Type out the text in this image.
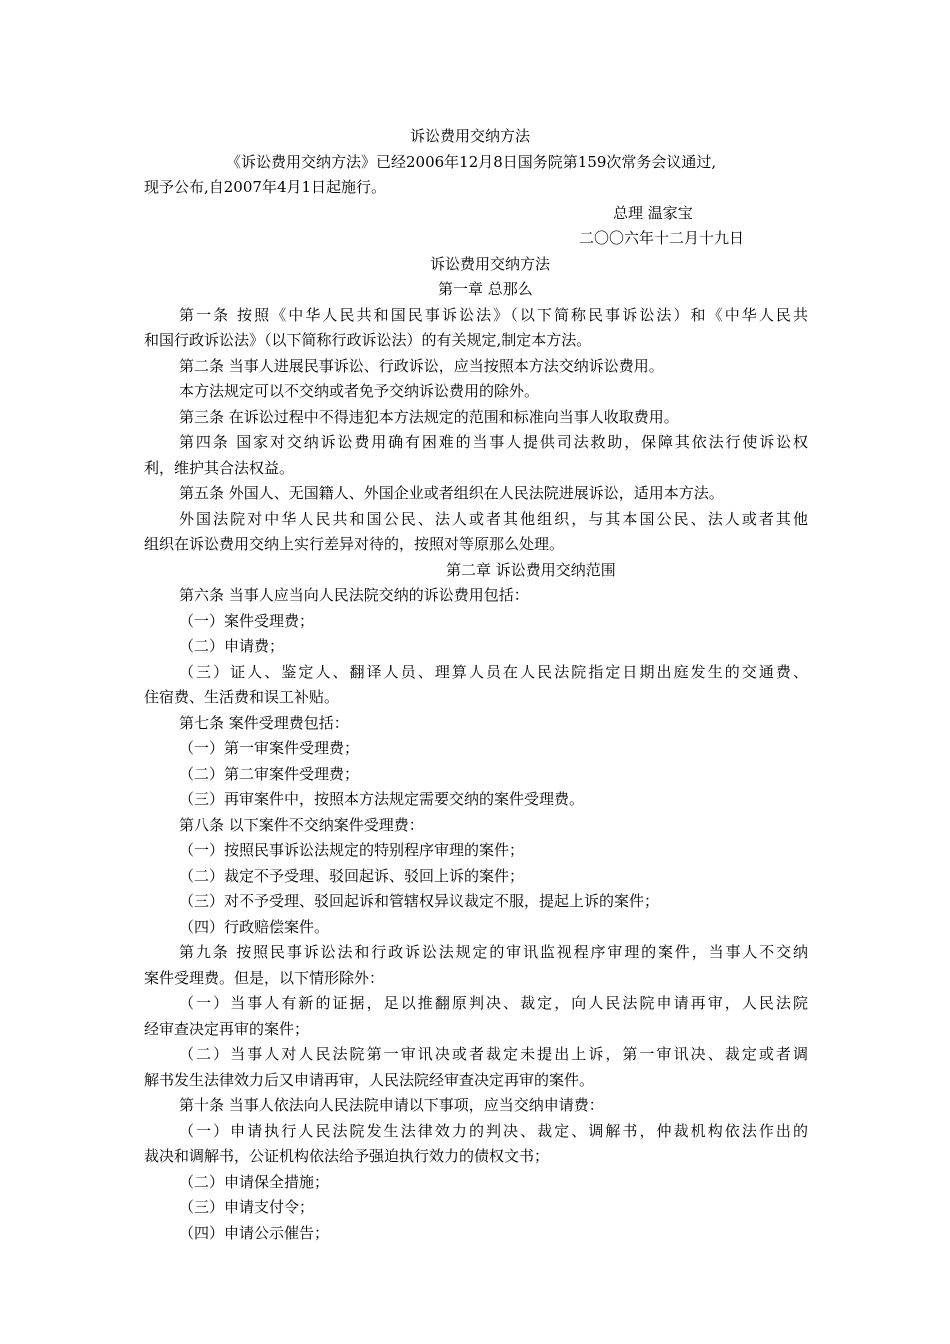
诉讼费用交纳方法
《诉讼费用交纳方法》已经2006年12月8日国务院第159次常务会议通过,
现予公布,自2007年4月1日起施行。
总理 温家宝
二〇〇六年十二月十九日
诉讼费用交纳方法
第一章 总那么
第一条 按照《中华人民共和国民事诉讼法》（以下简称民事诉讼法）和《中华人民共
和国行政诉讼法》（以下简称行政诉讼法）的有关规定,制定本方法。
第二条 当事人进展民事诉讼、行政诉讼，应当按照本方法交纳诉讼费用。
本方法规定可以不交纳或者免予交纳诉讼费用的除外。
第三条 在诉讼过程中不得违犯本方法规定的范围和标准向当事人收取费用。
第四条 国家对交纳诉讼费用确有困难的当事人提供司法救助，保障其依法行使诉讼权
利，维护其合法权益。
第五条 外国人、无国籍人、外国企业或者组织在人民法院进展诉讼，适用本方法。
外国法院对中华人民共和国公民、法人或者其他组织，与其本国公民、法人或者其他
组织在诉讼费用交纳上实行差异对待的，按照对等原那么处理。
第二章 诉讼费用交纳范围
第六条 当事人应当向人民法院交纳的诉讼费用包括：
（一）案件受理费；
（二）申请费；
（三）证人、鉴定人、翻译人员、理算人员在人民法院指定日期出庭发生的交通费、
住宿费、生活费和误工补贴。
第七条 案件受理费包括：
（一）第一审案件受理费；
（二）第二审案件受理费；
（三）再审案件中，按照本方法规定需要交纳的案件受理费。
第八条 以下案件不交纳案件受理费：
（一）按照民事诉讼法规定的特别程序审理的案件；
（二）裁定不予受理、驳回起诉、驳回上诉的案件；
（三）对不予受理、驳回起诉和管辖权异议裁定不服，提起上诉的案件；
（四）行政赔偿案件。
第九条 按照民事诉讼法和行政诉讼法规定的审讯监视程序审理的案件，当事人不交纳
案件受理费。但是，以下情形除外：
（一）当事人有新的证据，足以推翻原判决、裁定，向人民法院申请再审，人民法院
经审查决定再审的案件；
（二）当事人对人民法院第一审讯决或者裁定未提出上诉，第一审讯决、裁定或者调
解书发生法律效力后又申请再审，人民法院经审查决定再审的案件。
第十条 当事人依法向人民法院申请以下事项，应当交纳申请费：
（一）申请执行人民法院发生法律效力的判决、裁定、调解书，仲裁机构依法作出的
裁决和调解书，公证机构依法给予强迫执行效力的债权文书；
（二）申请保全措施；
（三）申请支付令；
（四）申请公示催告；
